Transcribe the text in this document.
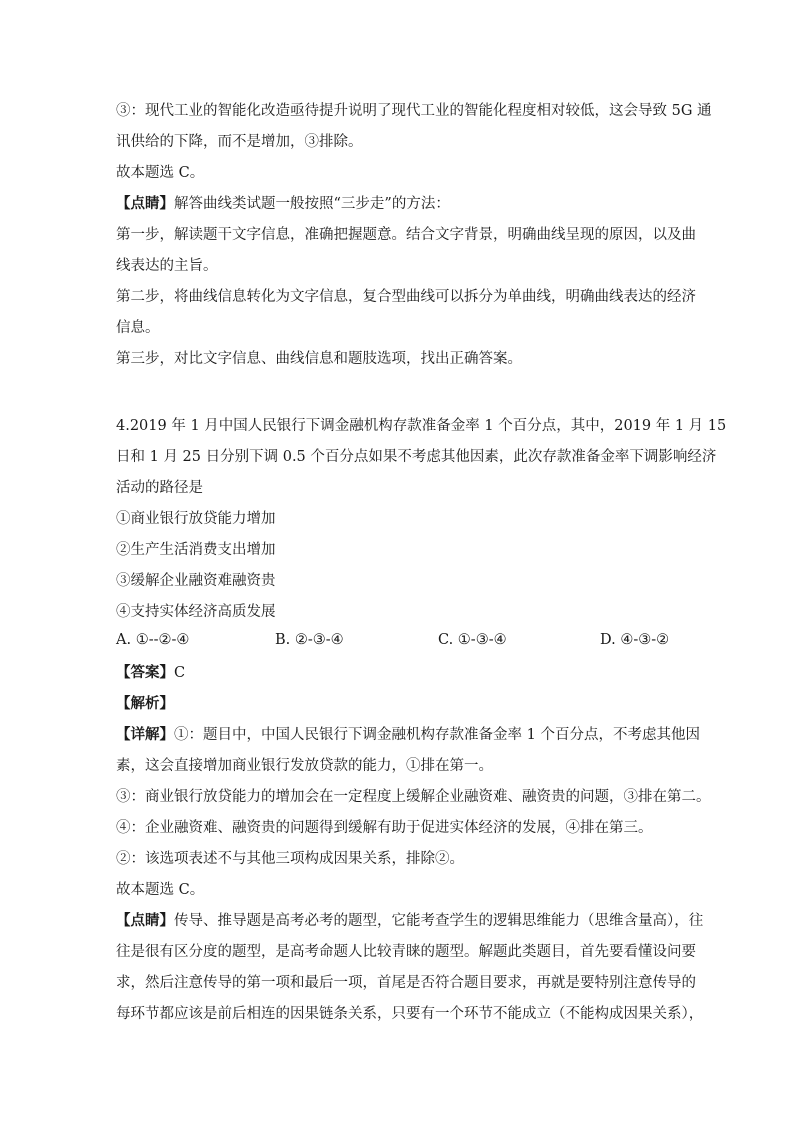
③：现代工业的智能化改造亟待提升说明了现代工业的智能化程度相对较低，这会导致 5G 通
讯供给的下降，而不是增加，③排除。
故本题选 C。
【点睛】解答曲线类试题一般按照“三步走”的方法：
第一步，解读题干文字信息，准确把握题意。结合文字背景，明确曲线呈现的原因，以及曲
线表达的主旨。
第二步，将曲线信息转化为文字信息，复合型曲线可以拆分为单曲线，明确曲线表达的经济
信息。
第三步，对比文字信息、曲线信息和题肢选项，找出正确答案。
4.2019 年 1 月中国人民银行下调金融机构存款准备金率 1 个百分点，其中，2019 年 1 月 15
日和 1 月 25 日分别下调 0.5 个百分点如果不考虑其他因素，此次存款准备金率下调影响经济
活动的路径是
①商业银行放贷能力增加
②生产生活消费支出增加
③缓解企业融资难融资贵
④支持实体经济高质发展
A. ①--②-④	B. ②-③-④	C. ①-③-④	D. ④-③-②
【答案】C
【解析】
【详解】①：题目中，中国人民银行下调金融机构存款准备金率 1 个百分点，不考虑其他因
素，这会直接增加商业银行发放贷款的能力，①排在第一。
③：商业银行放贷能力的增加会在一定程度上缓解企业融资难、融资贵的问题，③排在第二。
④：企业融资难、融资贵的问题得到缓解有助于促进实体经济的发展，④排在第三。
②：该选项表述不与其他三项构成因果关系，排除②。
故本题选 C。
【点睛】传导、推导题是高考必考的题型，它能考查学生的逻辑思维能力（思维含量高），往
往是很有区分度的题型，是高考命题人比较青睐的题型。解题此类题目，首先要看懂设问要
求，然后注意传导的第一项和最后一项，首尾是否符合题目要求，再就是要特别注意传导的
每环节都应该是前后相连的因果链条关系，只要有一个环节不能成立（不能构成因果关系），
